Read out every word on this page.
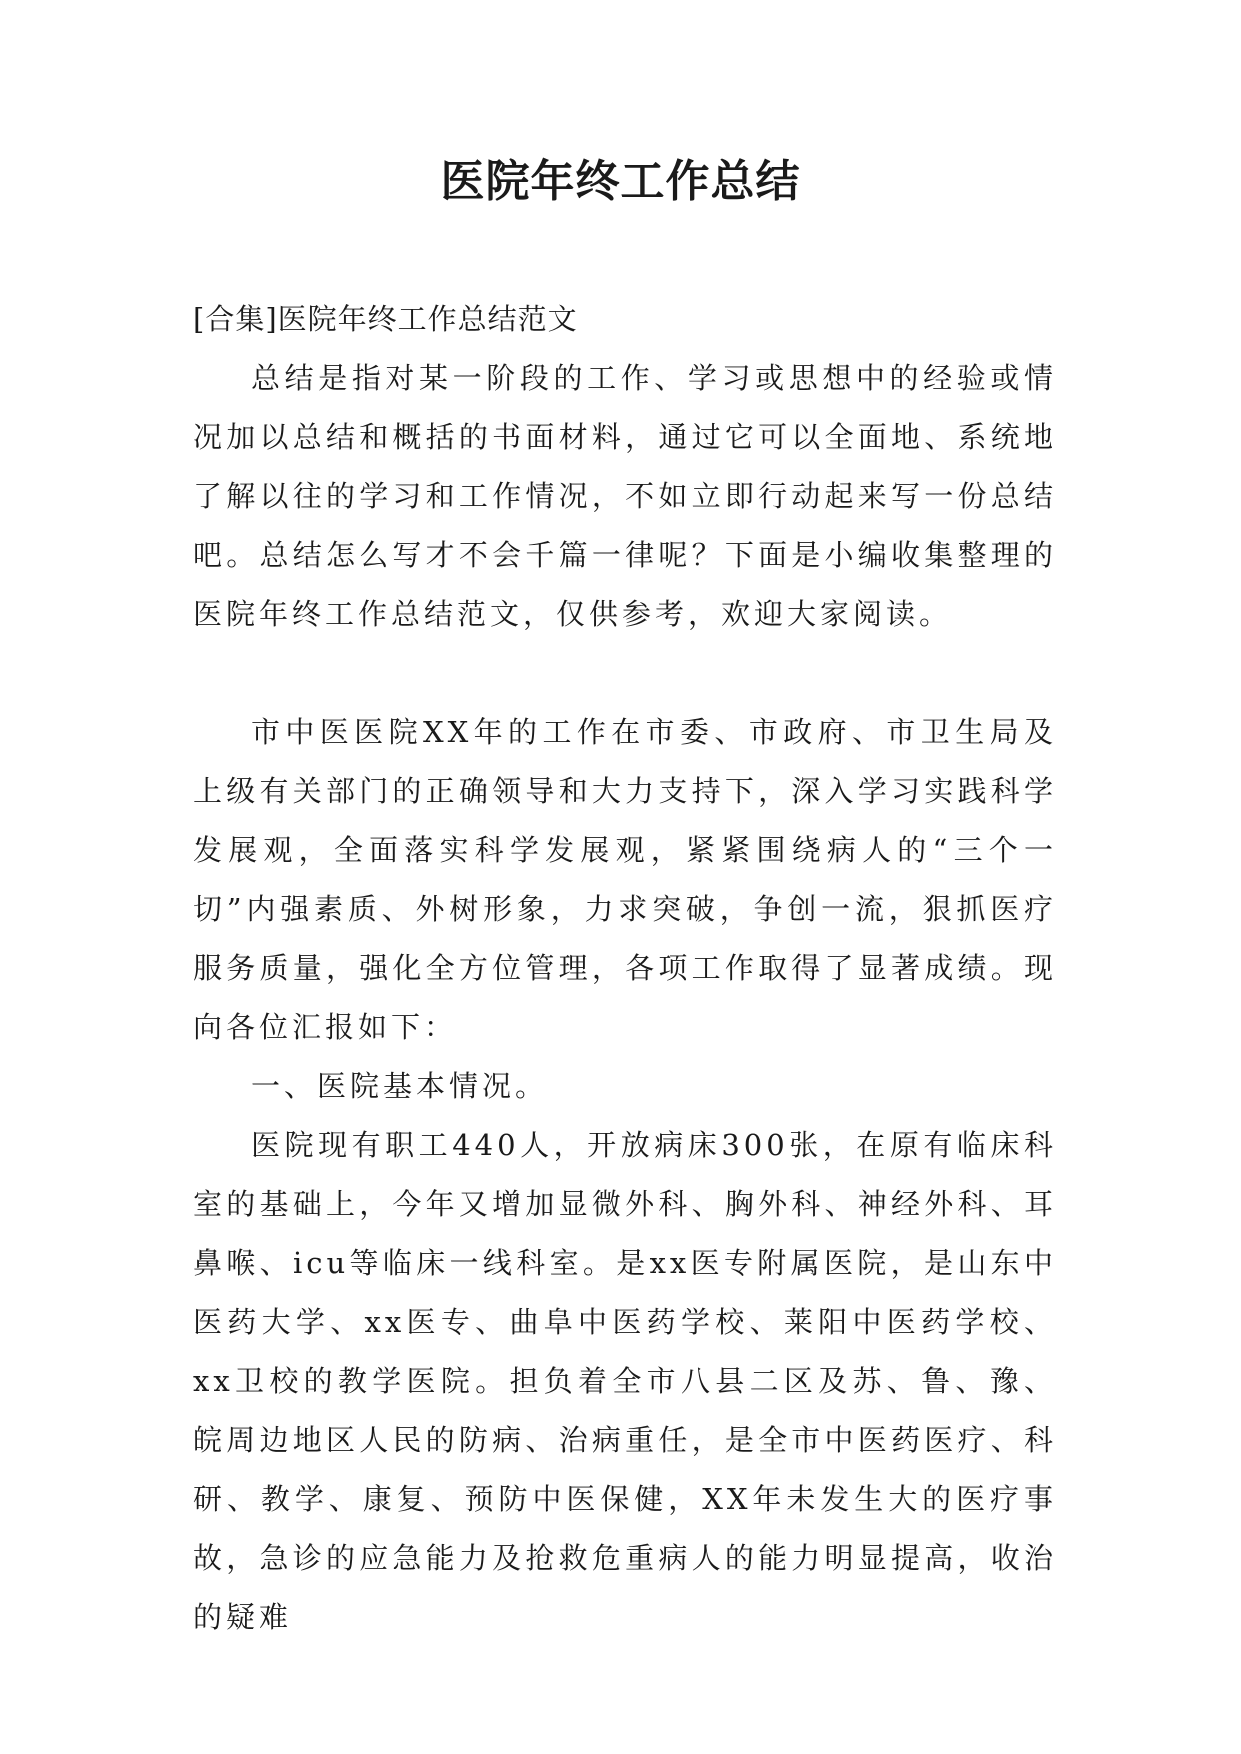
医院年终工作总结

[合集]医院年终工作总结范文

总结是指对某一阶段的工作、学习或思想中的经验或情况加以总结和概括的书面材料，通过它可以全面地、系统地了解以往的学习和工作情况，不如立即行动起来写一份总结吧。总结怎么写才不会千篇一律呢？下面是小编收集整理的医院年终工作总结范文，仅供参考，欢迎大家阅读。

市中医医院XX年的工作在市委、市政府、市卫生局及上级有关部门的正确领导和大力支持下，深入学习实践科学发展观，全面落实科学发展观，紧紧围绕病人的“三个一切”内强素质、外树形象，力求突破，争创一流，狠抓医疗服务质量，强化全方位管理，各项工作取得了显著成绩。现向各位汇报如下：

一、医院基本情况。

医院现有职工440人，开放病床300张，在原有临床科室的基础上，今年又增加显微外科、胸外科、神经外科、耳鼻喉、icu等临床一线科室。是xx医专附属医院，是山东中医药大学、xx医专、曲阜中医药学校、莱阳中医药学校、xx卫校的教学医院。担负着全市八县二区及苏、鲁、豫、皖周边地区人民的防病、治病重任，是全市中医药医疗、科研、教学、康复、预防中医保健，XX年未发生大的医疗事故，急诊的应急能力及抢救危重病人的能力明显提高，收治的疑难
